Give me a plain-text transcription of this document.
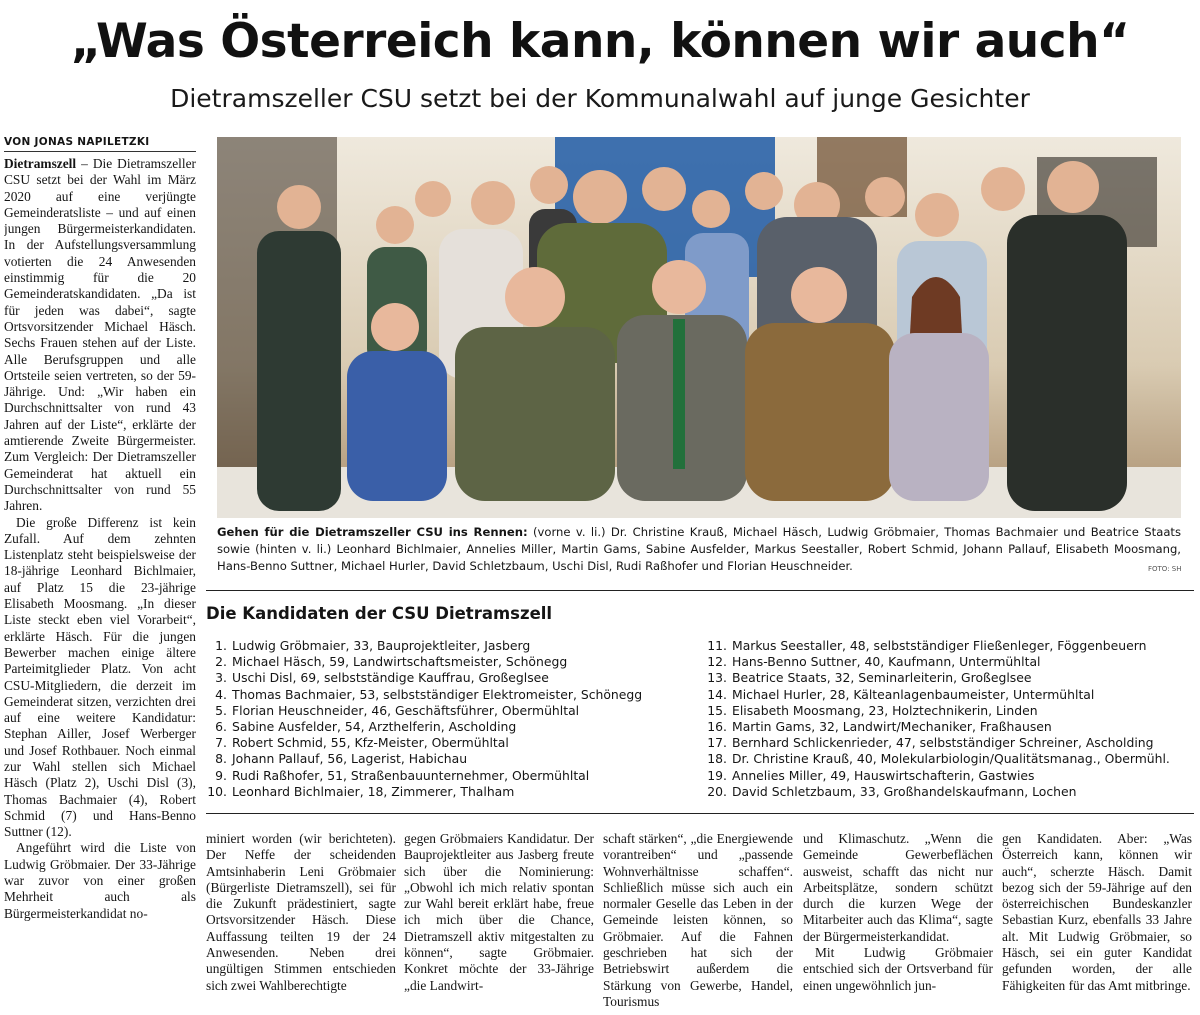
„Was Österreich kann, können wir auch“
Dietramszeller CSU setzt bei der Kommunalwahl auf junge Gesichter
VON JONAS NAPILETZKI

Dietramszell – Die Dietramszeller CSU setzt bei der Wahl im März 2020 auf eine verjüngte Gemeinderatsliste – und auf einen jungen Bürgermeisterkandidaten. In der Aufstellungsversammlung votierten die 24 Anwesenden einstimmig für die 20 Gemeinderatskandidaten. „Da ist für jeden was dabei“, sagte Ortsvorsitzender Michael Häsch. Sechs Frauen stehen auf der Liste. Alle Berufsgruppen und alle Ortsteile seien vertreten, so der 59-Jährige. Und: „Wir haben ein Durchschnittsalter von rund 43 Jahren auf der Liste“, erklärte der amtierende Zweite Bürgermeister. Zum Vergleich: Der Dietramszeller Gemeinderat hat aktuell ein Durchschnittsalter von rund 55 Jahren.

Die große Differenz ist kein Zufall. Auf dem zehnten Listenplatz steht beispielsweise der 18-jährige Leonhard Bichlmaier, auf Platz 15 die 23-jährige Elisabeth Moosmang. „In dieser Liste steckt eben viel Vorarbeit“, erklärte Häsch. Für die jungen Bewerber machen einige ältere Parteimitglieder Platz. Von acht CSU-Mitgliedern, die derzeit im Gemeinderat sitzen, verzichten drei auf eine weitere Kandidatur: Stephan Ailler, Josef Werberger und Josef Rothbauer. Noch einmal zur Wahl stellen sich Michael Häsch (Platz 2), Uschi Disl (3), Thomas Bachmaier (4), Robert Schmid (7) und Hans-Benno Suttner (12).

Angeführt wird die Liste von Ludwig Gröbmaier. Der 33-Jährige war zuvor von einer großen Mehrheit auch als Bürgermeisterkandidat no-

Gehen für die Dietramszeller CSU ins Rennen: (vorne v. li.) Dr. Christine Krauß, Michael Häsch, Ludwig Gröbmaier, Thomas Bachmaier und Beatrice Staats sowie (hinten v. li.) Leonhard Bichlmaier, Annelies Miller, Martin Gams, Sabine Ausfelder, Markus Seestaller, Robert Schmid, Johann Pallauf, Elisabeth Moosmang, Hans-Benno Suttner, Michael Hurler, David Schletzbaum, Uschi Disl, Rudi Raßhofer und Florian Heuschneider.	FOTO: SH
Die Kandidaten der CSU Dietramszell
1. Ludwig Gröbmaier, 33, Bauprojektleiter, Jasberg
2. Michael Häsch, 59, Landwirtschaftsmeister, Schönegg
3. Uschi Disl, 69, selbstständige Kauffrau, Großeglsee
4. Thomas Bachmaier, 53, selbstständiger Elektromeister, Schönegg
5. Florian Heuschneider, 46, Geschäftsführer, Obermühltal
6. Sabine Ausfelder, 54, Arzthelferin, Ascholding
7. Robert Schmid, 55, Kfz-Meister, Obermühltal
8. Johann Pallauf, 56, Lagerist, Habichau
9. Rudi Raßhofer, 51, Straßenbauunternehmer, Obermühltal
10. Leonhard Bichlmaier, 18, Zimmerer, Thalham
11. Markus Seestaller, 48, selbstständiger Fließenleger, Föggenbeuern
12. Hans-Benno Suttner, 40, Kaufmann, Untermühltal
13. Beatrice Staats, 32, Seminarleiterin, Großeglsee
14. Michael Hurler, 28, Kälteanlagenbaumeister, Untermühltal
15. Elisabeth Moosmang, 23, Holztechnikerin, Linden
16. Martin Gams, 32, Landwirt/Mechaniker, Fraßhausen
17. Bernhard Schlickenrieder, 47, selbstständiger Schreiner, Ascholding
18. Dr. Christine Krauß, 40, Molekularbiologin/Qualitätsmanag., Obermühl.
19. Annelies Miller, 49, Hauswirtschafterin, Gastwies
20. David Schletzbaum, 33, Großhandelskaufmann, Lochen

miniert worden (wir berichteten). Der Neffe der scheidenden Amtsinhaberin Leni Gröbmaier (Bürgerliste Dietramszell), sei für die Zukunft prädestiniert, sagte Ortsvorsitzender Häsch. Diese Auffassung teilten 19 der 24 Anwesenden. Neben drei ungültigen Stimmen entschieden sich zwei Wahlberechtigte

gegen Gröbmaiers Kandidatur. Der Bauprojektleiter aus Jasberg freute sich über die Nominierung: „Obwohl ich mich relativ spontan zur Wahl bereit erklärt habe, freue ich mich über die Chance, Dietramszell aktiv mitgestalten zu können“, sagte Gröbmaier. Konkret möchte der 33-Jährige „die Landwirt-

schaft stärken“, „die Energiewende vorantreiben“ und „passende Wohnverhältnisse schaffen“. Schließlich müsse sich auch ein normaler Geselle das Leben in der Gemeinde leisten können, so Gröbmaier. Auf die Fahnen geschrieben hat sich der Betriebswirt außerdem die Stärkung von Gewerbe, Handel, Tourismus

und Klimaschutz. „Wenn die Gemeinde Gewerbeflächen ausweist, schafft das nicht nur Arbeitsplätze, sondern schützt durch die kurzen Wege der Mitarbeiter auch das Klima“, sagte der Bürgermeisterkandidat.

Mit Ludwig Gröbmaier entschied sich der Ortsverband für einen ungewöhnlich jun-

gen Kandidaten. Aber: „Was Österreich kann, können wir auch“, scherzte Häsch. Damit bezog sich der 59-Jährige auf den österreichischen Bundeskanzler Sebastian Kurz, ebenfalls 33 Jahre alt. Mit Ludwig Gröbmaier, so Häsch, sei ein guter Kandidat gefunden worden, der alle Fähigkeiten für das Amt mitbringe.
